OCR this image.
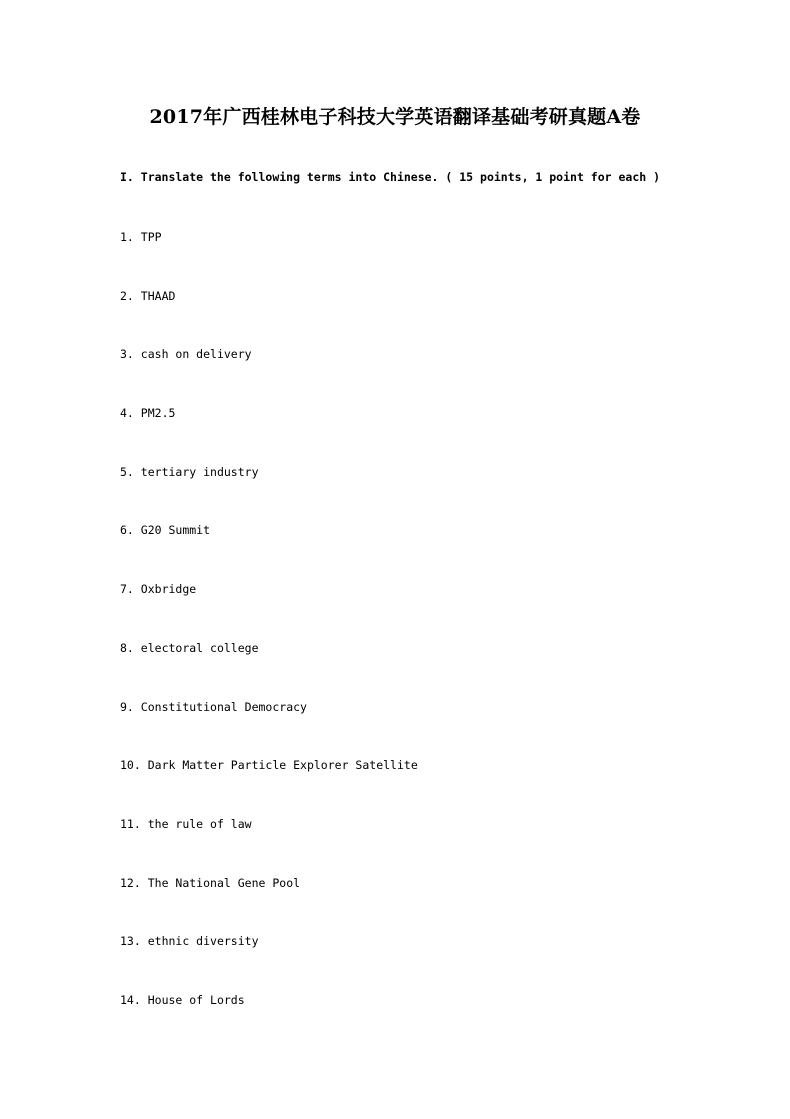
2017年广西桂林电子科技大学英语翻译基础考研真题A卷
I. Translate the following terms into Chinese. ( 15 points, 1 point for each )
1. TPP
2. THAAD
3. cash on delivery
4. PM2.5
5. tertiary industry
6. G20 Summit
7. Oxbridge
8. electoral college
9. Constitutional Democracy
10. Dark Matter Particle Explorer Satellite
11. the rule of law
12. The National Gene Pool
13. ethnic diversity
14. House of Lords
